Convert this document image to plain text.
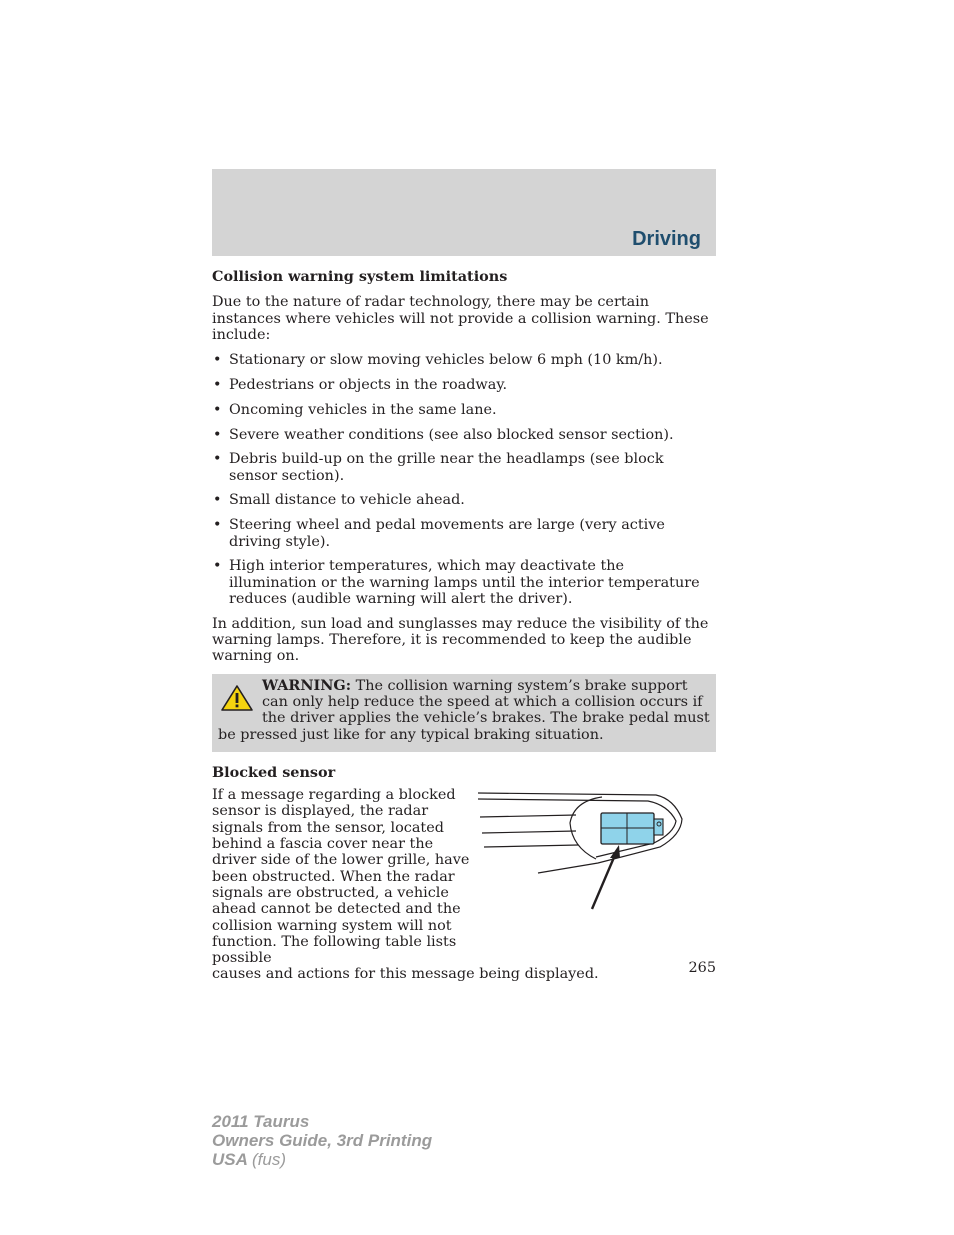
Driving

Collision warning system limitations

Due to the nature of radar technology, there may be certain instances where vehicles will not provide a collision warning. These include:

• Stationary or slow moving vehicles below 6 mph (10 km/h).
• Pedestrians or objects in the roadway.
• Oncoming vehicles in the same lane.
• Severe weather conditions (see also blocked sensor section).
• Debris build-up on the grille near the headlamps (see block sensor section).
• Small distance to vehicle ahead.
• Steering wheel and pedal movements are large (very active driving style).
• High interior temperatures, which may deactivate the illumination or the warning lamps until the interior temperature reduces (audible warning will alert the driver).

In addition, sun load and sunglasses may reduce the visibility of the warning lamps. Therefore, it is recommended to keep the audible warning on.

WARNING: The collision warning system’s brake support can only help reduce the speed at which a collision occurs if the driver applies the vehicle’s brakes. The brake pedal must be pressed just like for any typical braking situation.

Blocked sensor

If a message regarding a blocked sensor is displayed, the radar signals from the sensor, located behind a fascia cover near the driver side of the lower grille, have been obstructed. When the radar signals are obstructed, a vehicle ahead cannot be detected and the collision warning system will not function. The following table lists possible

causes and actions for this message being displayed.	265
2011 Taurus
Owners Guide, 3rd Printing
USA (fus)
